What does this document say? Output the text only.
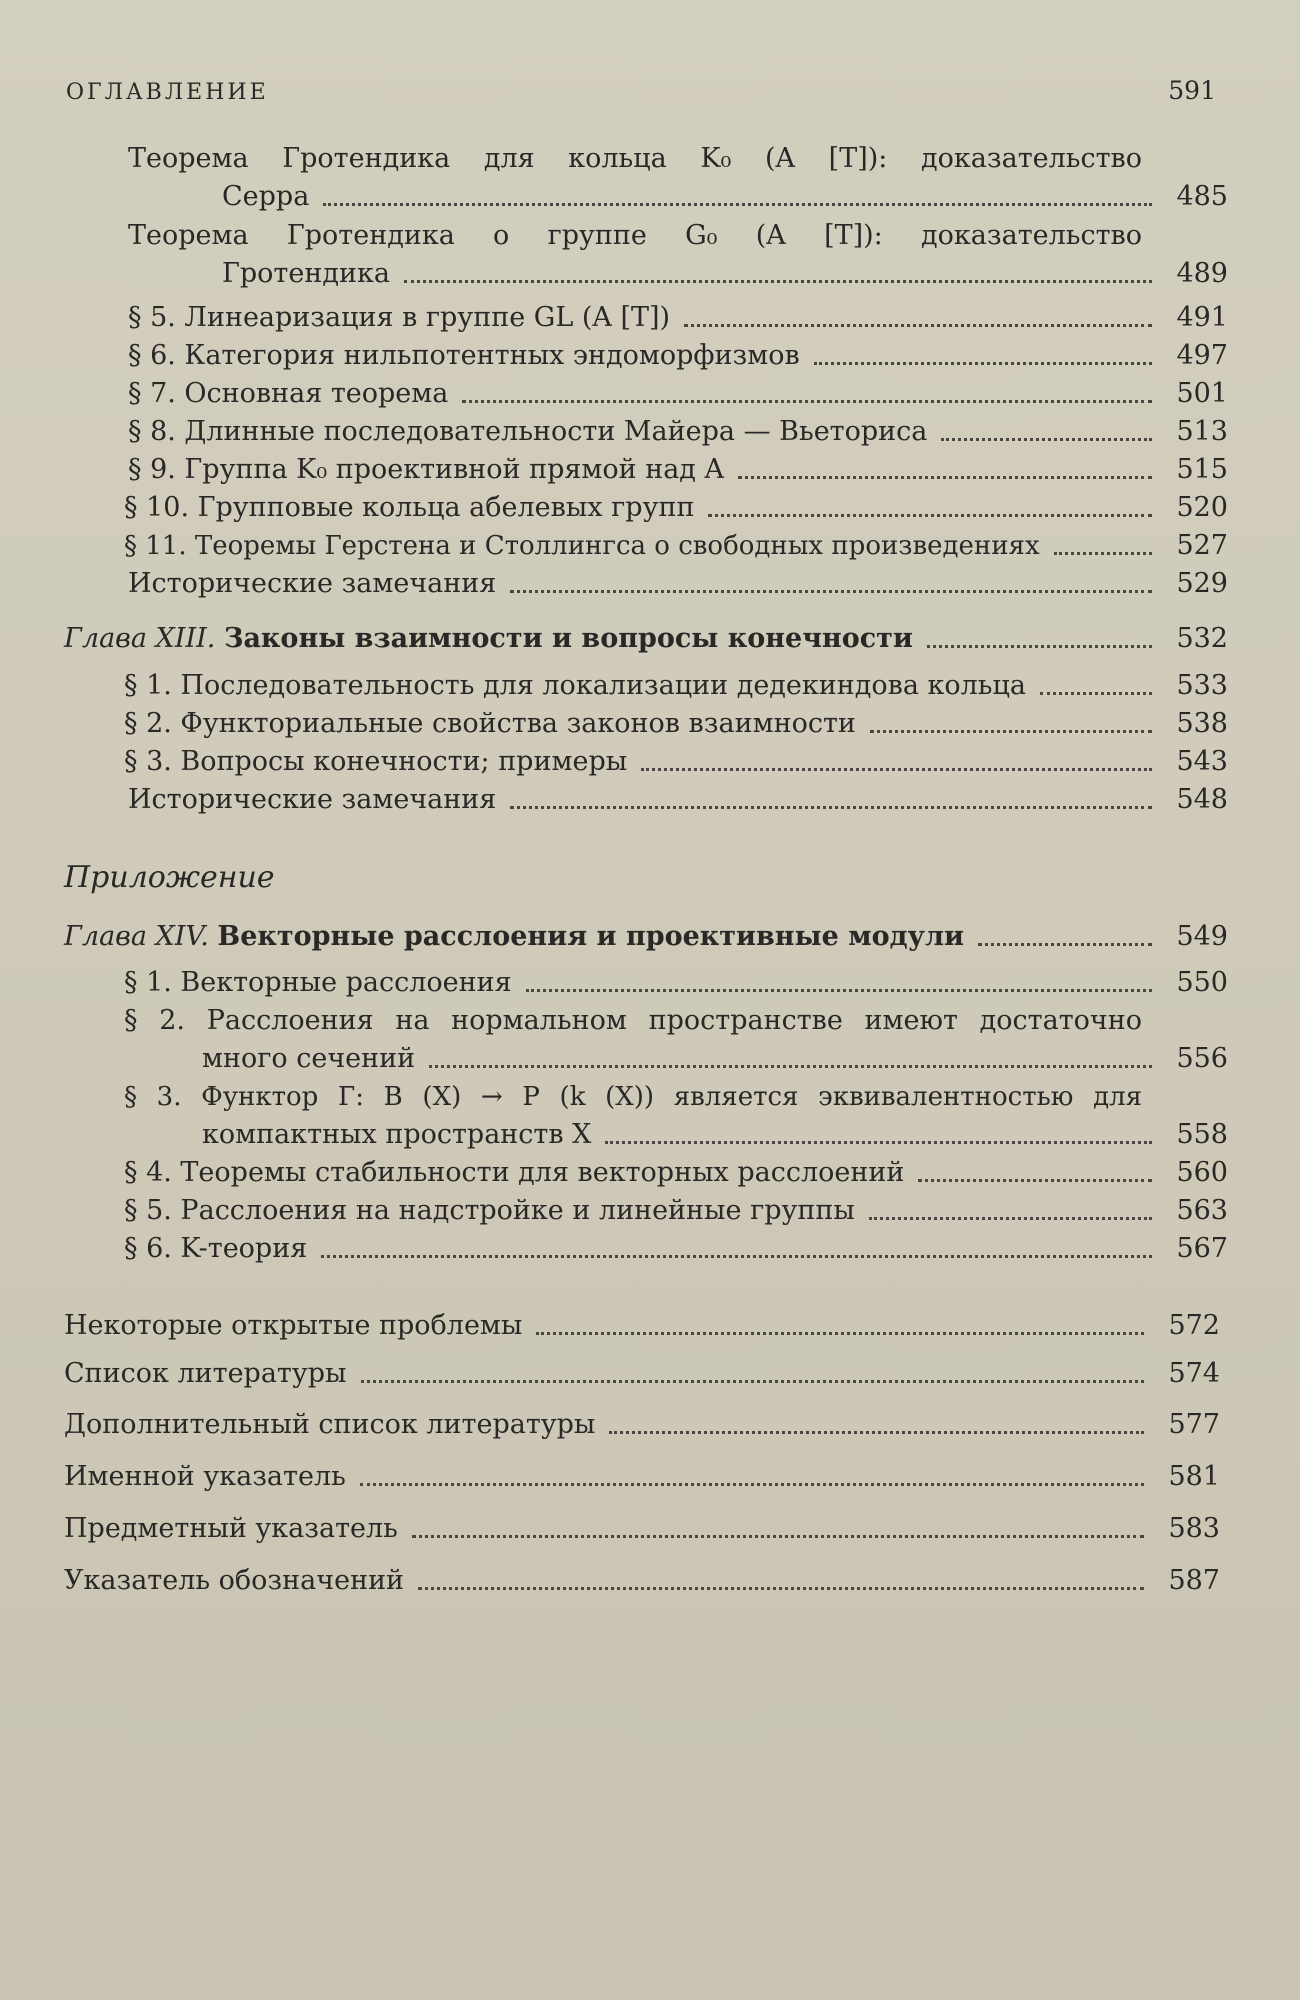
ОГЛАВЛЕНИЕ	591
Теорема Гротендика для кольца K₀ (A [T]): доказательство
Серра	485
Теорема Гротендика о группе G₀ (A [T]): доказательство
Гротендика	489
§ 5. Линеаризация в группе GL (A [T])	491
§ 6. Категория нильпотентных эндоморфизмов	497
§ 7. Основная теорема	501
§ 8. Длинные последовательности Майера — Вьеториса	513
§ 9. Группа K₀ проективной прямой над A	515
§ 10. Групповые кольца абелевых групп	520
§ 11. Теоремы Герстена и Столлингса о свободных произведениях	527
Исторические замечания	529
Глава XIII. Законы взаимности и вопросы конечности	532
§ 1. Последовательность для локализации дедекиндова кольца	533
§ 2. Функториальные свойства законов взаимности	538
§ 3. Вопросы конечности; примеры	543
Исторические замечания	548
Приложение
Глава XIV. Векторные расслоения и проективные модули	549
§ 1. Векторные расслоения	550
§ 2. Расслоения на нормальном пространстве имеют достаточно
много сечений	556
§ 3. Функтор Г: B (X) → P (k (X)) является эквивалентностью для
компактных пространств X	558
§ 4. Теоремы стабильности для векторных расслоений	560
§ 5. Расслоения на надстройке и линейные группы	563
§ 6. K-теория	567
Некоторые открытые проблемы	572
Список литературы	574
Дополнительный список литературы	577
Именной указатель	581
Предметный указатель	583
Указатель обозначений	587
